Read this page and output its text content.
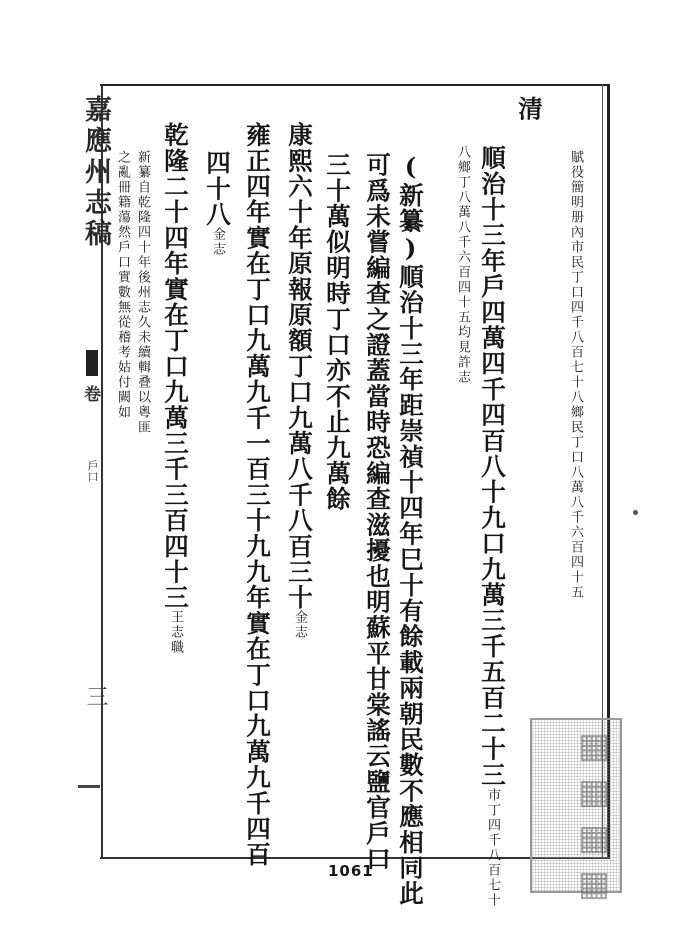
嘉應州志稿
卷
戶口
三
賦役簡明册內市民丁口四千八百七十八鄉民丁口八萬八千六百四十五
清
順治十三年戶四萬四千四百八十九口九萬三千五百二十三市丁四千八百七十
八鄉丁八萬八千六百四十五均見許志
(新纂)順治十三年距崇禎十四年巳十有餘載兩朝民數不應相同此
可爲未嘗編查之證蓋當時恐編查滋擾也明蘇平甘棠謠云鹽官戶口
三十萬似明時丁口亦不止九萬餘
康熙六十年原報原額丁口九萬八千八百三十金志
雍正四年實在丁口九萬九千一百三十九九年實在丁口九萬九千四百
四十八金志
乾隆二十四年實在丁口九萬三千三百四十三王志職
新纂自乾隆四十年後州志久未續輯叠以粵匪
之亂冊籍蕩然戶口實數無從稽考姑付闕如
1061	▦▦▦▦
